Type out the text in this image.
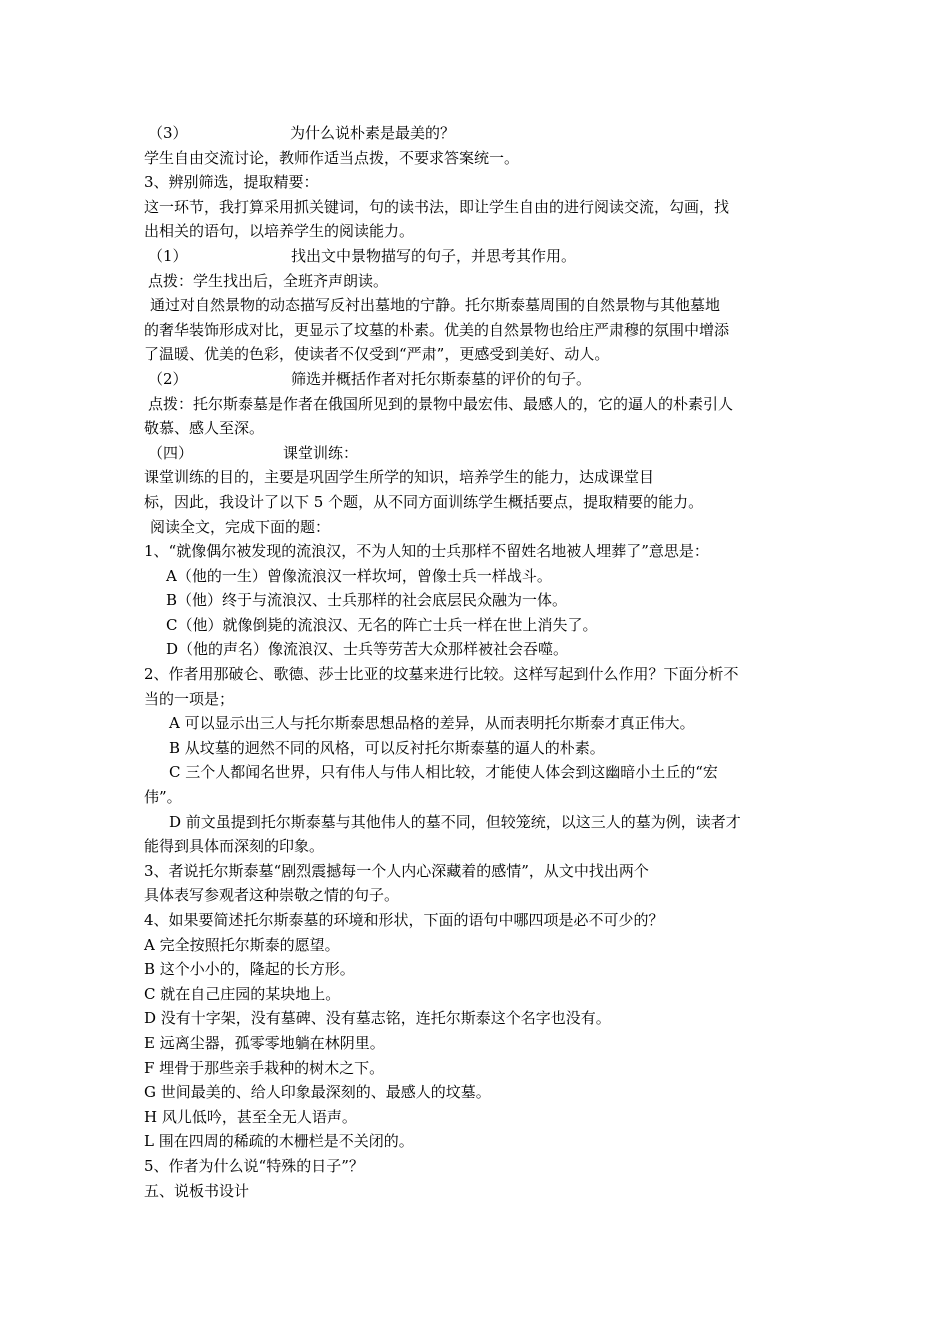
（3）	为什么说朴素是最美的？
学生自由交流讨论，教师作适当点拨，不要求答案统一。
3、辨别筛选，提取精要：
这一环节，我打算采用抓关键词，句的读书法，即让学生自由的进行阅读交流，勾画，找
出相关的语句，以培养学生的阅读能力。
（1）	找出文中景物描写的句子，并思考其作用。
点拨：学生找出后，全班齐声朗读。
通过对自然景物的动态描写反衬出墓地的宁静。托尔斯泰墓周围的自然景物与其他墓地
的奢华装饰形成对比，更显示了坟墓的朴素。优美的自然景物也给庄严肃穆的氛围中增添
了温暖、优美的色彩，使读者不仅受到“严肃”，更感受到美好、动人。
（2）	筛选并概括作者对托尔斯泰墓的评价的句子。
点拨：托尔斯泰墓是作者在俄国所见到的景物中最宏伟、最感人的，它的逼人的朴素引人
敬慕、感人至深。
（四）	课堂训练：
课堂训练的目的，主要是巩固学生所学的知识，培养学生的能力，达成课堂目
标，因此，我设计了以下 5 个题，从不同方面训练学生概括要点，提取精要的能力。
阅读全文，完成下面的题：
1、“就像偶尔被发现的流浪汉，不为人知的士兵那样不留姓名地被人埋葬了”意思是：
A（他的一生）曾像流浪汉一样坎坷，曾像士兵一样战斗。
B（他）终于与流浪汉、士兵那样的社会底层民众融为一体。
C（他）就像倒毙的流浪汉、无名的阵亡士兵一样在世上消失了。
D（他的声名）像流浪汉、士兵等劳苦大众那样被社会吞噬。
2、作者用那破仑、歌德、莎士比亚的坟墓来进行比较。这样写起到什么作用？下面分析不
当的一项是；
A 可以显示出三人与托尔斯泰思想品格的差异，从而表明托尔斯泰才真正伟大。
B 从坟墓的迥然不同的风格，可以反衬托尔斯泰墓的逼人的朴素。
C 三个人都闻名世界，只有伟人与伟人相比较，才能使人体会到这幽暗小土丘的“宏
伟”。
D 前文虽提到托尔斯泰墓与其他伟人的墓不同，但较笼统，以这三人的墓为例，读者才
能得到具体而深刻的印象。
3、者说托尔斯泰墓“剧烈震撼每一个人内心深藏着的感情”，从文中找出两个
具体表写参观者这种崇敬之情的句子。
4、如果要简述托尔斯泰墓的环境和形状，下面的语句中哪四项是必不可少的？
A 完全按照托尔斯泰的愿望。
B 这个小小的，隆起的长方形。
C 就在自己庄园的某块地上。
D 没有十字架，没有墓碑、没有墓志铭，连托尔斯泰这个名字也没有。
E 远离尘器，孤零零地躺在林阴里。
F 埋骨于那些亲手栽种的树木之下。
G 世间最美的、给人印象最深刻的、最感人的坟墓。
H 风儿低吟，甚至全无人语声。
L 围在四周的稀疏的木栅栏是不关闭的。
5、作者为什么说“特殊的日子”？
五、说板书设计
